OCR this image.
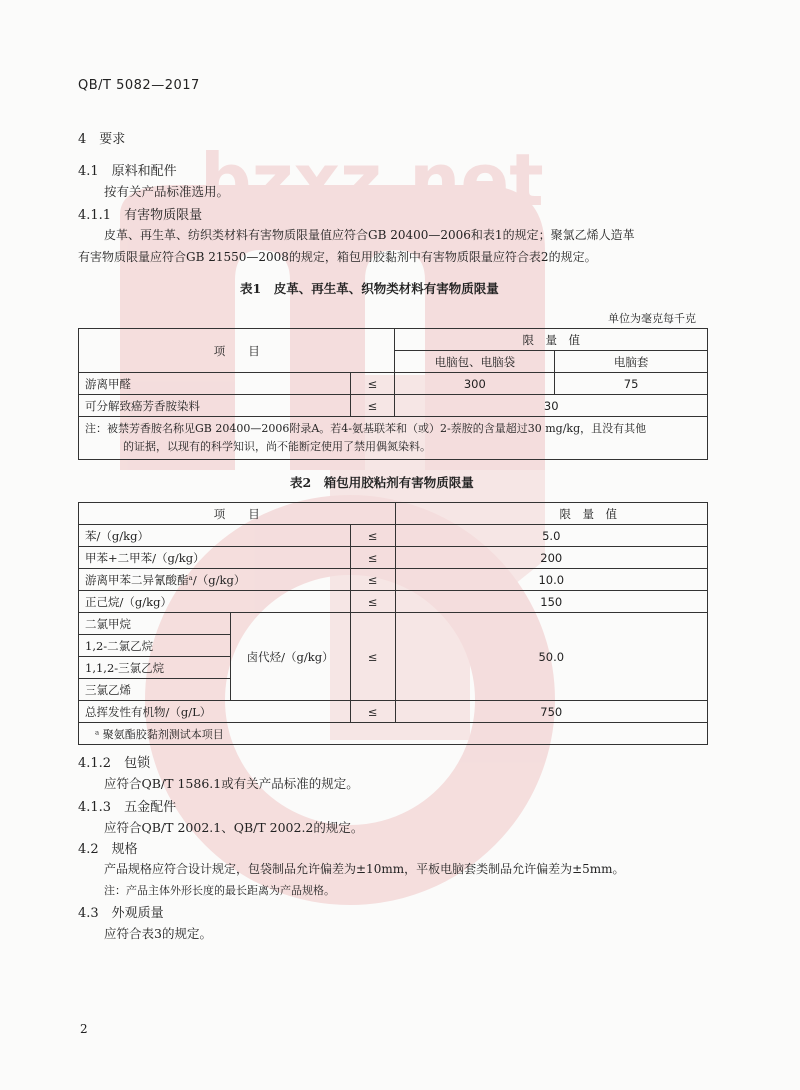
bzxz.net
QB/T 5082—2017
4　要求
4.1　原料和配件
按有关产品标准选用。
4.1.1　有害物质限量
皮革、再生革、纺织类材料有害物质限量值应符合GB 20400—2006和表1的规定；聚氯乙烯人造革
有害物质限量应符合GB 21550—2008的规定，箱包用胶黏剂中有害物质限量应符合表2的规定。
表1　皮革、再生革、织物类材料有害物质限量
单位为毫克每千克
项　　目		限　量　值	
		电脑包、电脑袋	电脑套
游离甲醛	≤	300	75
可分解致癌芳香胺染料	≤	30	

注：被禁芳香胺名称见GB 20400—2006附录A。若4-氨基联苯和（或）2-萘胺的含量超过30 mg/kg，且没有其他
的证据，以现有的科学知识，尚不能断定使用了禁用偶氮染料。			
表2　箱包用胶粘剂有害物质限量
项　　目			限　量　值
苯/（g/kg）		≤	5.0
甲苯+二甲苯/（g/kg）		≤	200
游离甲苯二异氰酸酯ᵃ/（g/kg）		≤	10.0
正己烷/（g/kg）		≤	150
二氯甲烷	卤代烃/（g/kg）	≤	50.0
1,2-二氯乙烷			
1,1,2-三氯乙烷			
三氯乙烯			
总挥发性有机物/（g/L）		≤	750
ᵃ 聚氨酯胶黏剂测试本项目			
4.1.2　包锁
应符合QB/T 1586.1或有关产品标准的规定。
4.1.3　五金配件
应符合QB/T 2002.1、QB/T 2002.2的规定。
4.2　规格
产品规格应符合设计规定，包袋制品允许偏差为±10mm，平板电脑套类制品允许偏差为±5mm。
注：产品主体外形长度的最长距离为产品规格。
4.3　外观质量
应符合表3的规定。
2
